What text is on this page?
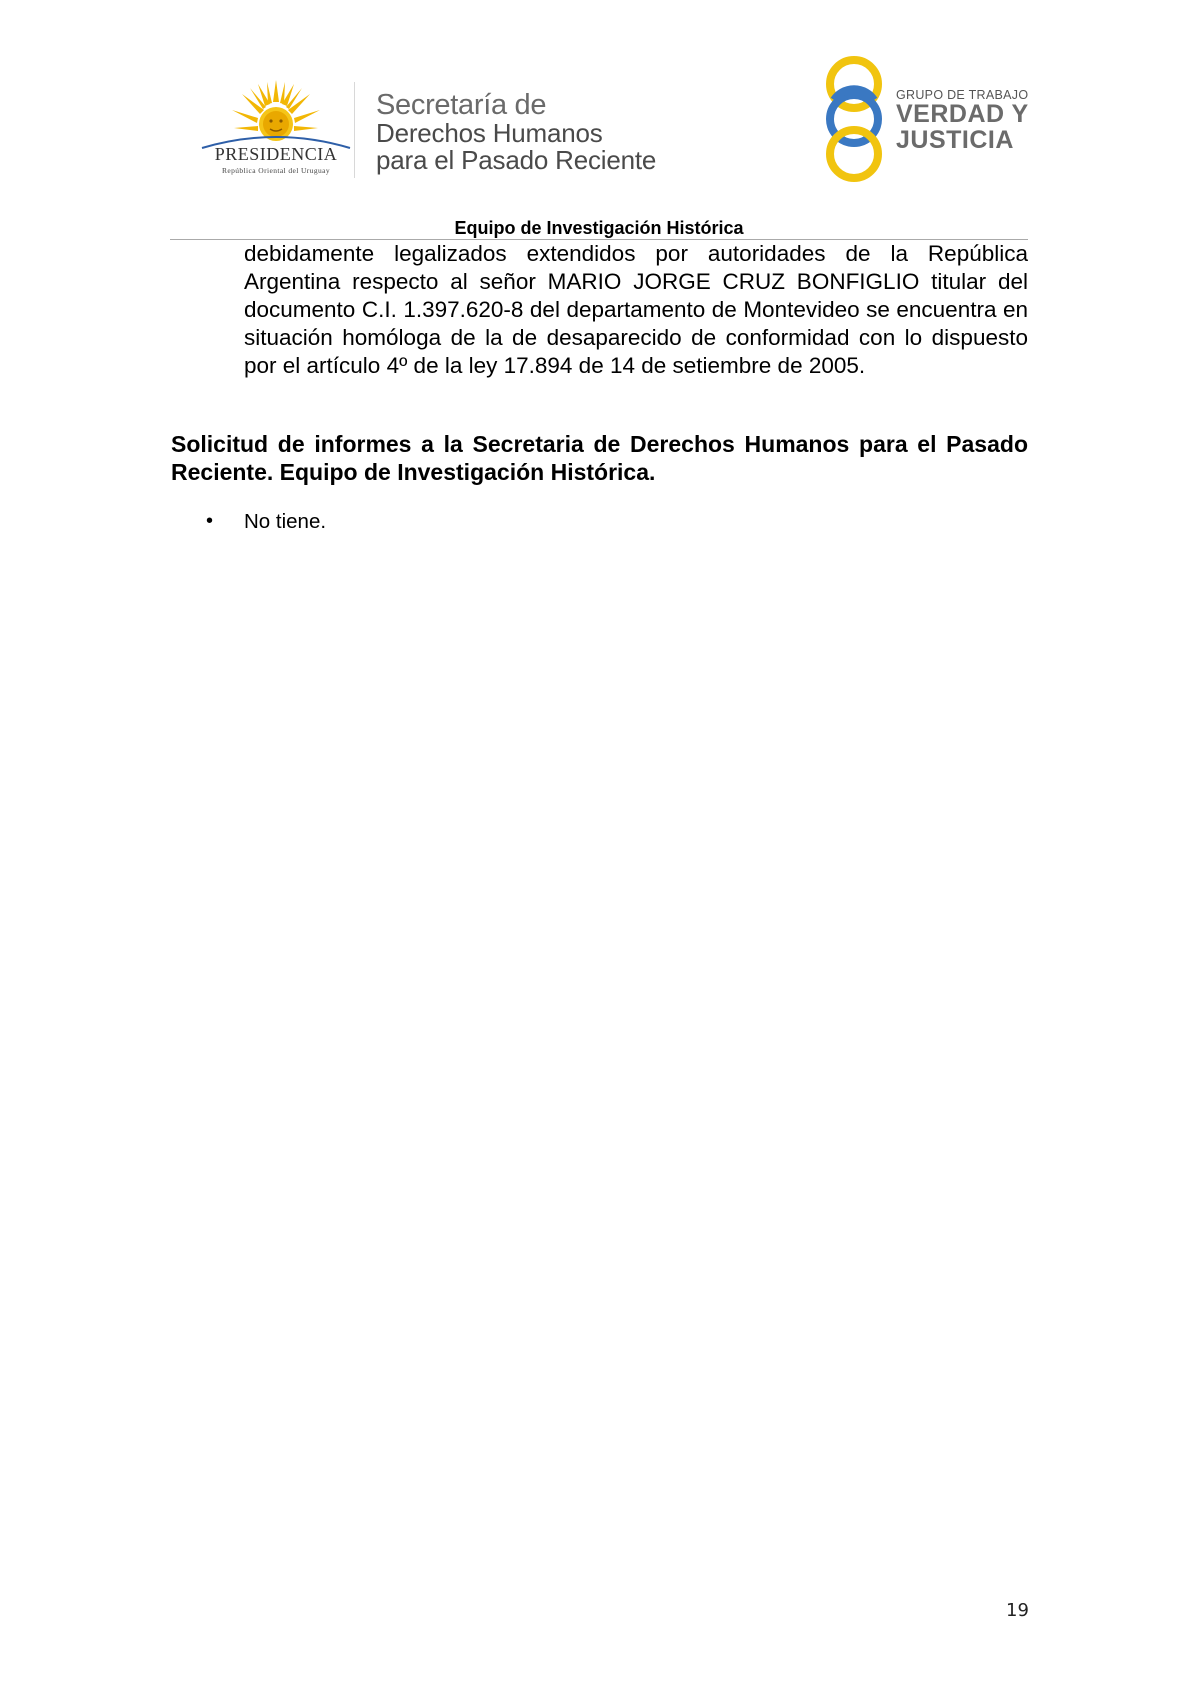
PRESIDENCIA
República Oriental del Uruguay
Secretaría de
Derechos Humanos
para el Pasado Reciente
GRUPO DE TRABAJO
VERDAD Y
JUSTICIA
Equipo de Investigación Histórica
debidamente legalizados extendidos por autoridades de la República Argentina respecto al señor MARIO JORGE CRUZ BONFIGLIO titular del documento C.I. 1.397.620-8 del departamento de Montevideo se encuentra en situación homóloga de la de desaparecido de conformidad con lo dispuesto por el artículo 4º de la ley 17.894 de 14 de setiembre de 2005.
Solicitud de informes a la Secretaria de Derechos Humanos para el Pasado Reciente. Equipo de Investigación Histórica.
• No tiene.
19
